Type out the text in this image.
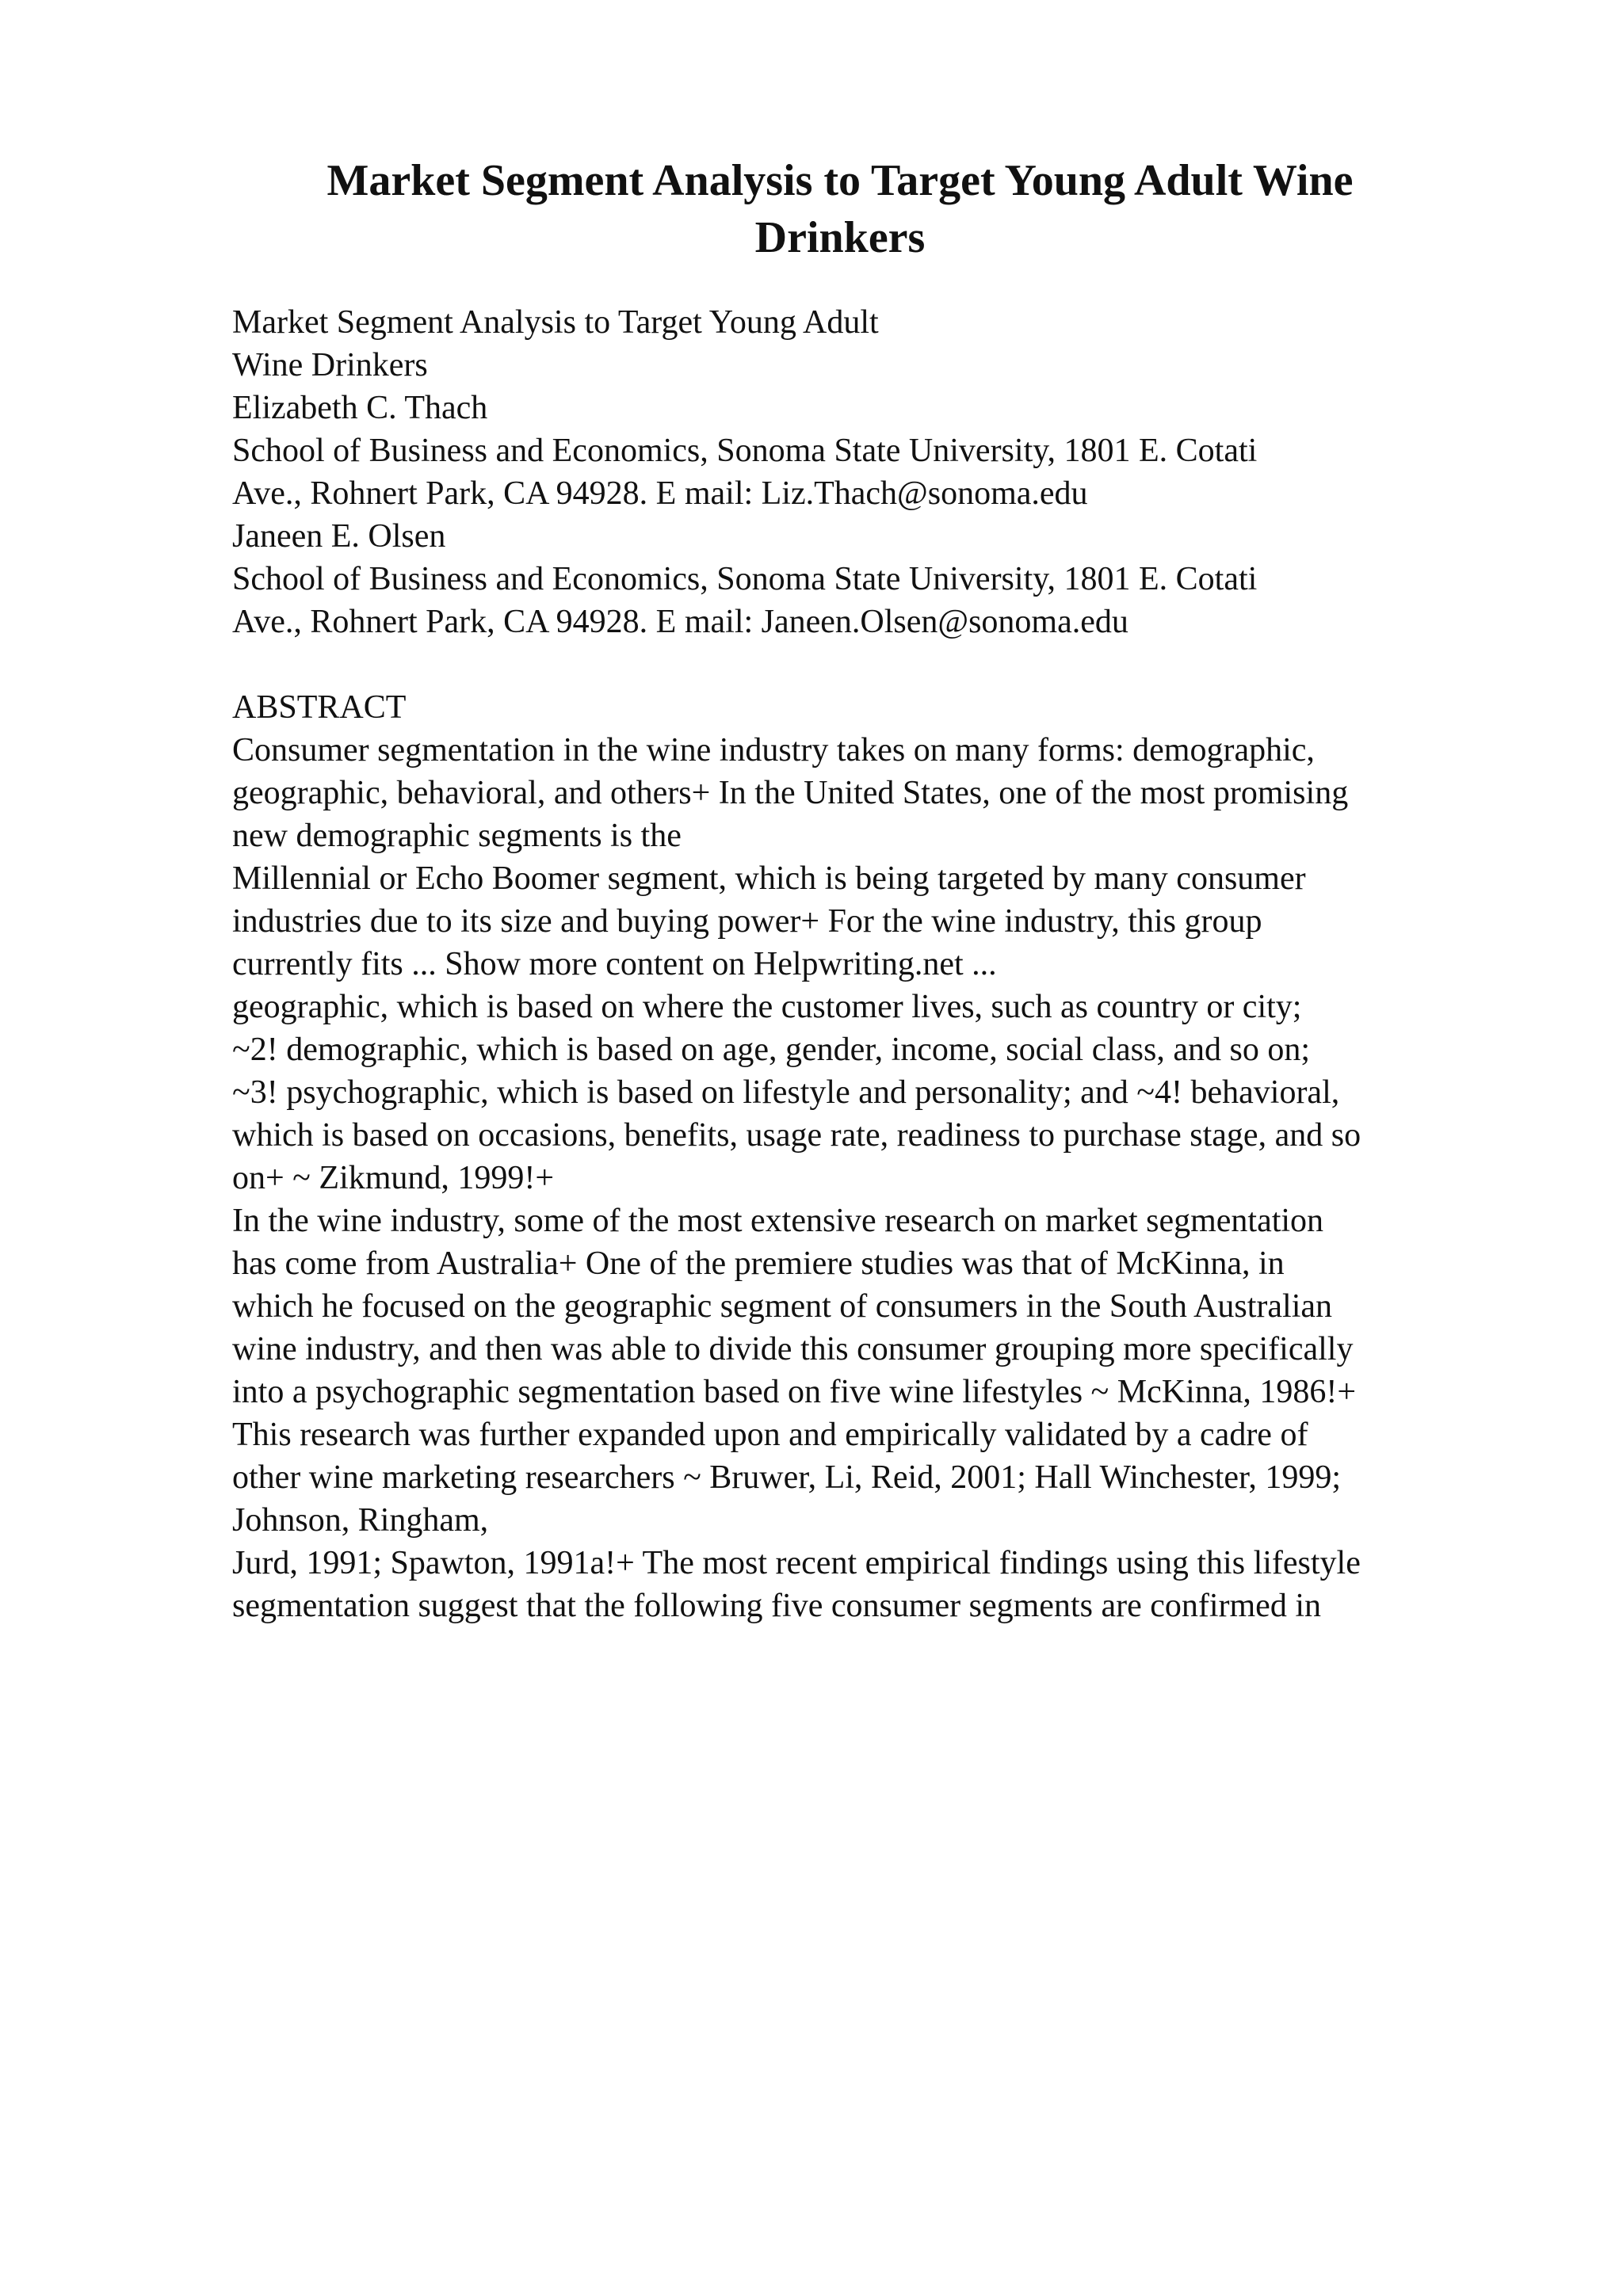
Market Segment Analysis to Target Young Adult Wine
Drinkers
Market Segment Analysis to Target Young Adult
Wine Drinkers
Elizabeth C. Thach
School of Business and Economics, Sonoma State University, 1801 E. Cotati
Ave., Rohnert Park, CA 94928. E mail: Liz.Thach@sonoma.edu
Janeen E. Olsen
School of Business and Economics, Sonoma State University, 1801 E. Cotati
Ave., Rohnert Park, CA 94928. E mail: Janeen.Olsen@sonoma.edu
ABSTRACT
Consumer segmentation in the wine industry takes on many forms: demographic,
geographic, behavioral, and others+ In the United States, one of the most promising
new demographic segments is the
Millennial or Echo Boomer segment, which is being targeted by many consumer
industries due to its size and buying power+ For the wine industry, this group
currently fits ... Show more content on Helpwriting.net ...
geographic, which is based on where the customer lives, such as country or city;
~2! demographic, which is based on age, gender, income, social class, and so on;
~3! psychographic, which is based on lifestyle and personality; and ~4! behavioral,
which is based on occasions, benefits, usage rate, readiness to purchase stage, and so
on+ ~ Zikmund, 1999!+
In the wine industry, some of the most extensive research on market segmentation
has come from Australia+ One of the premiere studies was that of McKinna, in
which he focused on the geographic segment of consumers in the South Australian
wine industry, and then was able to divide this consumer grouping more specifically
into a psychographic segmentation based on five wine lifestyles ~ McKinna, 1986!+
This research was further expanded upon and empirically validated by a cadre of
other wine marketing researchers ~ Bruwer, Li, Reid, 2001; Hall Winchester, 1999;
Johnson, Ringham,
Jurd, 1991; Spawton, 1991a!+ The most recent empirical findings using this lifestyle
segmentation suggest that the following five consumer segments are confirmed in
